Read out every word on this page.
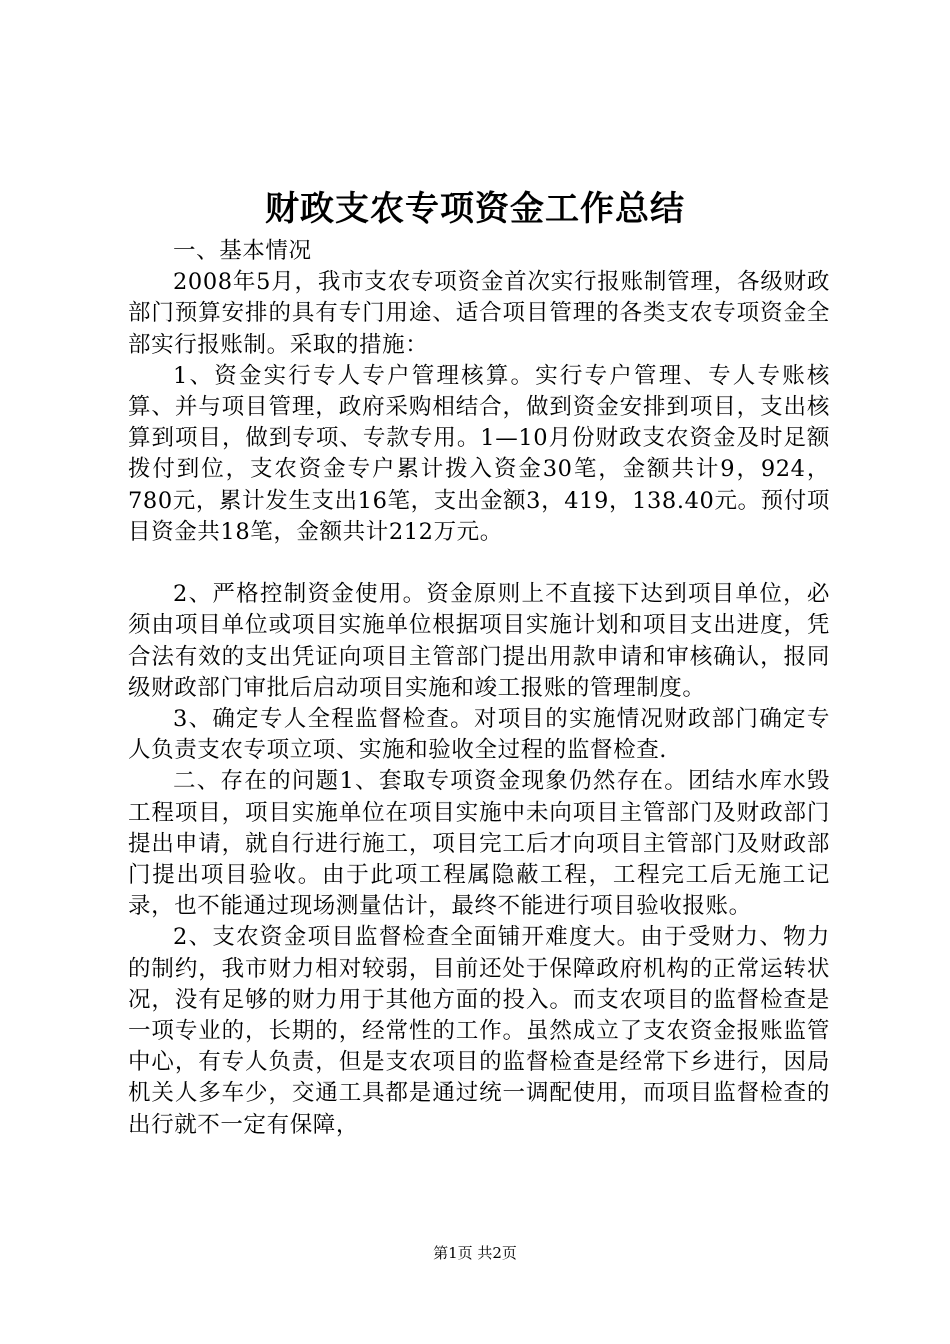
财政支农专项资金工作总结

一、基本情况

2008年5月，我市支农专项资金首次实行报账制管理，各级财政部门预算安排的具有专门用途、适合项目管理的各类支农专项资金全部实行报账制。采取的措施：

1、资金实行专人专户管理核算。实行专户管理、专人专账核算、并与项目管理，政府采购相结合，做到资金安排到项目，支出核算到项目，做到专项、专款专用。1—10月份财政支农资金及时足额拨付到位，支农资金专户累计拨入资金30笔，金额共计9，924，780元，累计发生支出16笔，支出金额3，419，138.40元。预付项目资金共18笔，金额共计212万元。

2、严格控制资金使用。资金原则上不直接下达到项目单位，必须由项目单位或项目实施单位根据项目实施计划和项目支出进度，凭合法有效的支出凭证向项目主管部门提出用款申请和审核确认，报同级财政部门审批后启动项目实施和竣工报账的管理制度。

3、确定专人全程监督检查。对项目的实施情况财政部门确定专人负责支农专项立项、实施和验收全过程的监督检查.

二、存在的问题1、套取专项资金现象仍然存在。团结水库水毁工程项目，项目实施单位在项目实施中未向项目主管部门及财政部门提出申请，就自行进行施工，项目完工后才向项目主管部门及财政部门提出项目验收。由于此项工程属隐蔽工程，工程完工后无施工记录，也不能通过现场测量估计，最终不能进行项目验收报账。

2、支农资金项目监督检查全面铺开难度大。由于受财力、物力的制约，我市财力相对较弱，目前还处于保障政府机构的正常运转状况，没有足够的财力用于其他方面的投入。而支农项目的监督检查是一项专业的，长期的，经常性的工作。虽然成立了支农资金报账监管中心，有专人负责，但是支农项目的监督检查是经常下乡进行，因局机关人多车少，交通工具都是通过统一调配使用，而项目监督检查的出行就不一定有保障，

第1页 共2页
